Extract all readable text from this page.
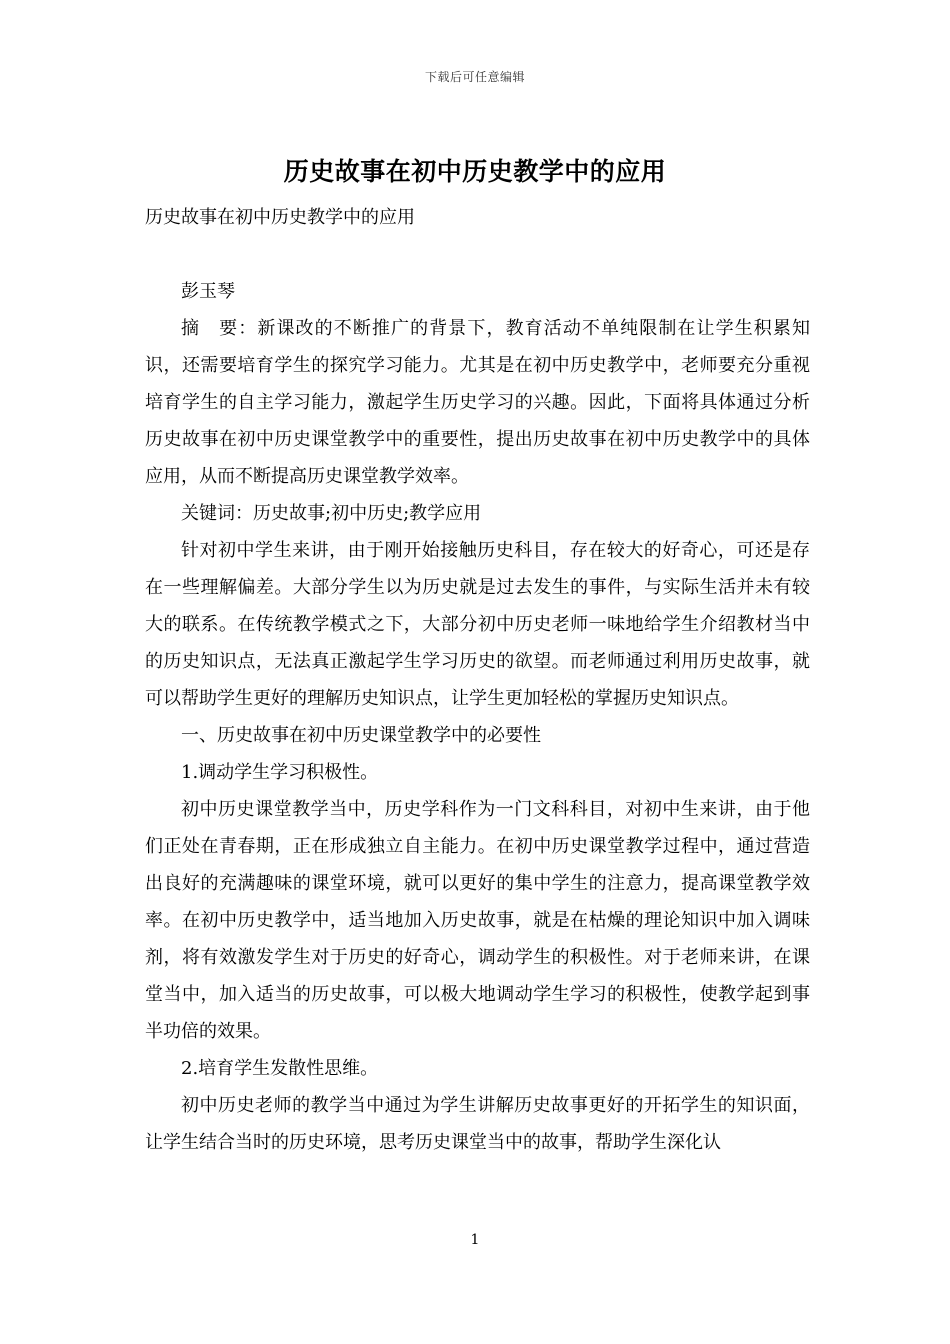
下载后可任意编辑
历史故事在初中历史教学中的应用

历史故事在初中历史教学中的应用

彭玉琴

摘　要：新课改的不断推广的背景下，教育活动不单纯限制在让学生积累知识，还需要培育学生的探究学习能力。尤其是在初中历史教学中，老师要充分重视培育学生的自主学习能力，激起学生历史学习的兴趣。因此，下面将具体通过分析历史故事在初中历史课堂教学中的重要性，提出历史故事在初中历史教学中的具体应用，从而不断提高历史课堂教学效率。

关键词：历史故事;初中历史;教学应用

针对初中学生来讲，由于刚开始接触历史科目，存在较大的好奇心，可还是存在一些理解偏差。大部分学生以为历史就是过去发生的事件，与实际生活并未有较大的联系。在传统教学模式之下，大部分初中历史老师一味地给学生介绍教材当中的历史知识点，无法真正激起学生学习历史的欲望。而老师通过利用历史故事，就可以帮助学生更好的理解历史知识点，让学生更加轻松的掌握历史知识点。

一、历史故事在初中历史课堂教学中的必要性

1.调动学生学习积极性。

初中历史课堂教学当中，历史学科作为一门文科科目，对初中生来讲，由于他们正处在青春期，正在形成独立自主能力。在初中历史课堂教学过程中，通过营造出良好的充满趣味的课堂环境，就可以更好的集中学生的注意力，提高课堂教学效率。在初中历史教学中，适当地加入历史故事，就是在枯燥的理论知识中加入调味剂，将有效激发学生对于历史的好奇心，调动学生的积极性。对于老师来讲，在课堂当中，加入适当的历史故事，可以极大地调动学生学习的积极性，使教学起到事半功倍的效果。

2.培育学生发散性思维。

初中历史老师的教学当中通过为学生讲解历史故事更好的开拓学生的知识面，让学生结合当时的历史环境，思考历史课堂当中的故事，帮助学生深化认

1
